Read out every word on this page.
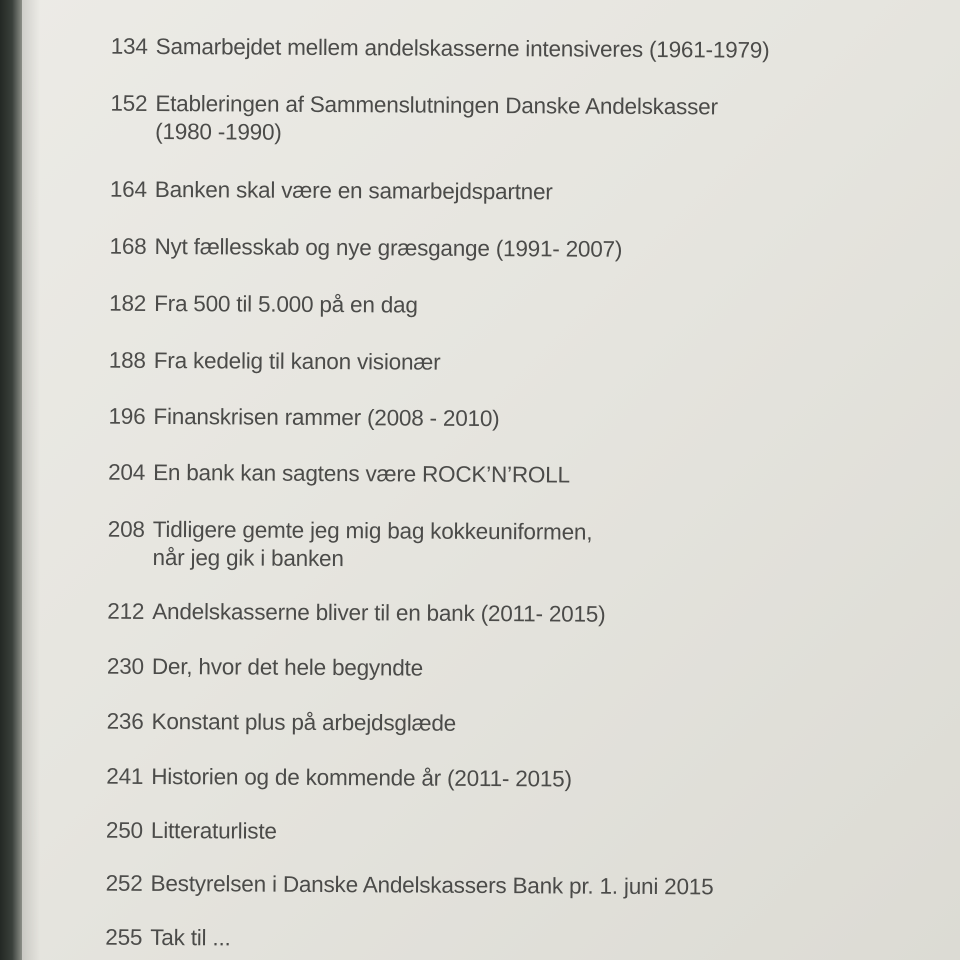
134 Samarbejdet mellem andelskasserne intensiveres (1961-1979)
152 Etableringen af Sammenslutningen Danske Andelskasser
(1980 -1990)
164 Banken skal være en samarbejdspartner
168 Nyt fællesskab og nye græsgange (1991- 2007)
182 Fra 500 til 5.000 på en dag
188 Fra kedelig til kanon visionær
196 Finanskrisen rammer (2008 - 2010)
204 En bank kan sagtens være ROCK’N’ROLL
208 Tidligere gemte jeg mig bag kokkeuniformen,
når jeg gik i banken
212 Andelskasserne bliver til en bank (2011- 2015)
230 Der, hvor det hele begyndte
236 Konstant plus på arbejdsglæde
241 Historien og de kommende år (2011- 2015)
250 Litteraturliste
252 Bestyrelsen i Danske Andelskassers Bank pr. 1. juni 2015
255 Tak til ...
